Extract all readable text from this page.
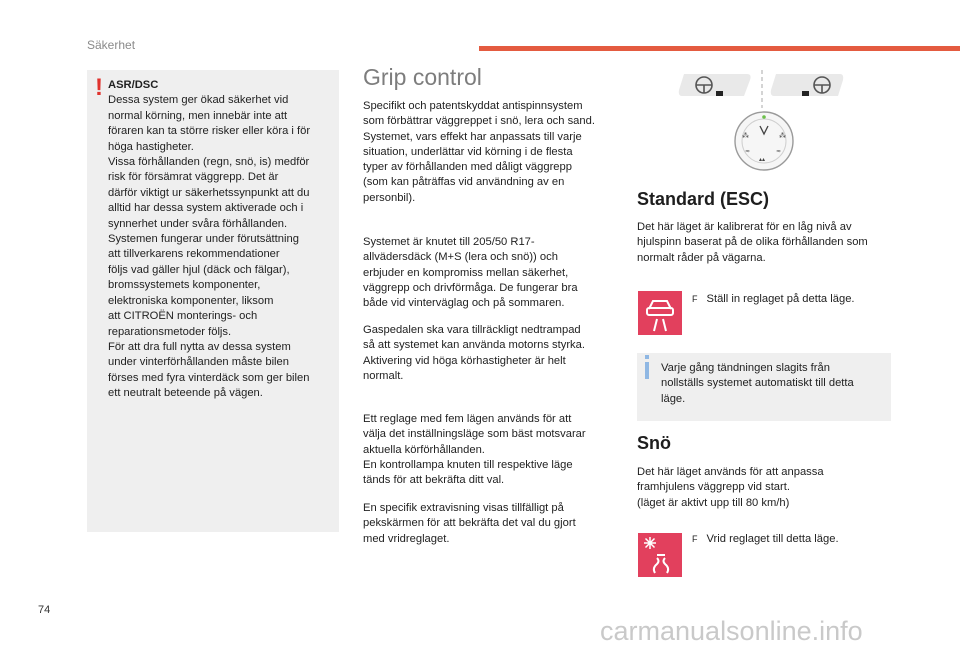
Säkerhet
! ASR/DSC
Dessa system ger ökad säkerhet vid
normal körning, men innebär inte att
föraren kan ta större risker eller köra i för
höga hastigheter.
Vissa förhållanden (regn, snö, is) medför
risk för försämrat väggrepp. Det är
därför viktigt ur säkerhetssynpunkt att du
alltid har dessa system aktiverade och i
synnerhet under svåra förhållanden.
Systemen fungerar under förutsättning
att tillverkarens rekommendationer
följs vad gäller hjul (däck och fälgar),
bromssystemets komponenter,
elektroniska komponenter, liksom
att CITROËN monterings- och
reparationsmetoder följs.
För att dra full nytta av dessa system
under vinterförhållanden måste bilen
förses med fyra vinterdäck som ger bilen
ett neutralt beteende på vägen.
Grip control

Specifikt och patentskyddat antispinnsystem
som förbättrar väggreppet i snö, lera och sand.
Systemet, vars effekt har anpassats till varje
situation, underlättar vid körning i de flesta
typer av förhållanden med dåligt väggrepp
(som kan påträffas vid användning av en
personbil).

Systemet är knutet till 205/50 R17-
allvädersdäck (M+S (lera och snö)) och
erbjuder en kompromiss mellan säkerhet,
väggrepp och drivförmåga. De fungerar bra
både vid vinterväglag och på sommaren.

Gaspedalen ska vara tillräckligt nedtrampad
så att systemet kan använda motorns styrka.
Aktivering vid höga körhastigheter är helt
normalt.

Ett reglage med fem lägen används för att
välja det inställningsläge som bäst motsvarar
aktuella körförhållanden.
En kontrollampa knuten till respektive läge
tänds för att bekräfta ditt val.

En specifik extravisning visas tillfälligt på
pekskärmen för att bekräfta det val du gjort
med vridreglaget.

⁂	⁂
≈	≈
▴▴
Standard (ESC)

Det här läget är kalibrerat för en låg nivå av
hjulspinn baserat på de olika förhållanden som
normalt råder på vägarna.

F Ställ in reglaget på detta läge.
Varje gång tändningen slagits från
nollställs systemet automatiskt till detta
läge.
Snö

Det här läget används för att anpassa
framhjulens väggrepp vid start.
(läget är aktivt upp till 80 km/h)

F Vrid reglaget till detta läge.
74
carmanualsonline.info
